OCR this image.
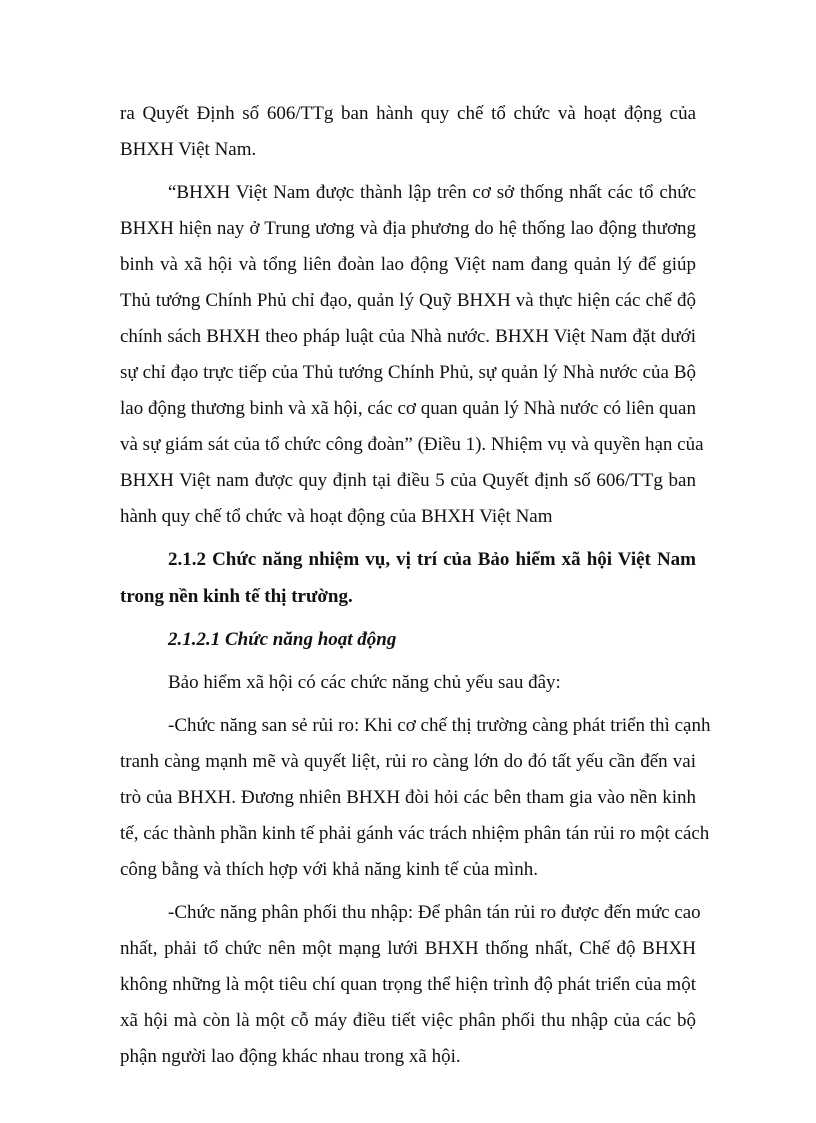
ra Quyết Định số 606/TTg ban hành quy chế tổ chức và hoạt động của
BHXH Việt Nam.
“BHXH Việt Nam được thành lập trên cơ sở thống nhất các tổ chức
BHXH hiện nay ở Trung ương và địa phương do hệ thống lao động thương
binh và xã hội và tổng liên đoàn lao động Việt nam đang quản lý để giúp
Thủ tướng Chính Phủ chỉ đạo, quản lý Quỹ BHXH và thực hiện các chế độ
chính sách BHXH theo pháp luật của Nhà nước. BHXH Việt Nam đặt dưới
sự chỉ đạo trực tiếp của Thủ tướng Chính Phủ, sự quản lý Nhà nước của Bộ
lao động thương binh và xã hội, các cơ quan quản lý Nhà nước có liên quan
và sự giám sát của tổ chức công đoàn” (Điều 1). Nhiệm vụ và quyền hạn của
BHXH Việt nam được quy định tại điều 5 của Quyết định số 606/TTg ban
hành quy chế tổ chức và hoạt động của BHXH Việt Nam
2.1.2 Chức năng nhiệm vụ, vị trí của Bảo hiểm xã hội Việt Nam
trong nền kinh tế thị trường.
2.1.2.1 Chức năng hoạt động
Bảo hiểm xã hội có các chức năng chủ yếu sau đây:
-Chức năng san sẻ rủi ro: Khi cơ chế thị trường càng phát triển thì cạnh
tranh càng mạnh mẽ và quyết liệt, rủi ro càng lớn do đó tất yếu cần đến vai
trò của BHXH. Đương nhiên BHXH đòi hỏi các bên tham gia vào nền kinh
tế, các thành phần kinh tế phải gánh vác trách nhiệm phân tán rủi ro một cách
công bằng và thích hợp với khả năng kinh tế của mình.
-Chức năng phân phối thu nhập: Để phân tán rủi ro được đến mức cao
nhất, phải tổ chức nên một mạng lưới BHXH thống nhất, Chế độ BHXH
không những là một tiêu chí quan trọng thể hiện trình độ phát triển của một
xã hội mà còn là một cỗ máy điều tiết việc phân phối thu nhập của các bộ
phận người lao động khác nhau trong xã hội.
